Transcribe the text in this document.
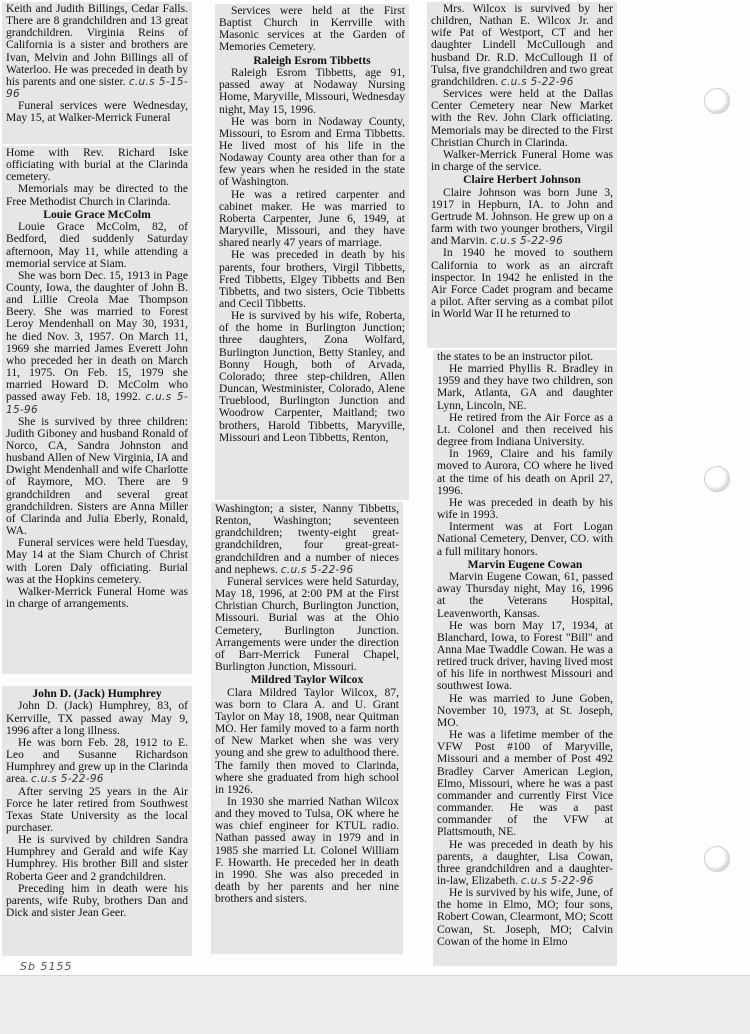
Keith and Judith Billings, Cedar Falls. There are 8 grandchildren and 13 great grandchildren. Virginia Reins of California is a sister and brothers are Ivan, Melvin and John Billings all of Waterloo. He was preceded in death by his parents and one sister. c.u.s 5-15-96

Funeral services were Wednesday, May 15, at Walker-Merrick Funeral

Home with Rev. Richard Iske officiating with burial at the Clarinda cemetery.

Memorials may be directed to the Free Methodist Church in Clarinda.

Louie Grace McColm

Louie Grace McColm, 82, of Bedford, died suddenly Saturday afternoon, May 11, while attending a memorial service at Siam.

She was born Dec. 15, 1913 in Page County, Iowa, the daughter of John B. and Lillie Creola Mae Thompson Beery. She was married to Forest Leroy Mendenhall on May 30, 1931, he died Nov. 3, 1957. On March 11, 1969 she married James Everett John who preceded her in death on March 11, 1975. On Feb. 15, 1979 she married Howard D. McColm who passed away Feb. 18, 1992. c.u.s 5-15-96

She is survived by three children: Judith Giboney and husband Ronald of Norco, CA, Sandra Johnston and husband Allen of New Virginia, IA and Dwight Mendenhall and wife Charlotte of Raymore, MO. There are 9 grandchildren and several great grandchildren. Sisters are Anna Miller of Clarinda and Julia Eberly, Ronald, WA.

Funeral services were held Tuesday, May 14 at the Siam Church of Christ with Loren Daly officiating. Burial was at the Hopkins cemetery.

Walker-Merrick Funeral Home was in charge of arrangements.

John D. (Jack) Humphrey

John D. (Jack) Humphrey, 83, of Kerrville, TX passed away May 9, 1996 after a long illness.

He was born Feb. 28, 1912 to E. Leo and Susanne Richardson Humphrey and grew up in the Clarinda area. c.u.s 5-22-96

After serving 25 years in the Air Force he later retired from Southwest Texas State University as the local purchaser.

He is survived by children Sandra Humphrey and Gerald and wife Kay Humphrey. His brother Bill and sister Roberta Geer and 2 grandchildren.

Preceding him in death were his parents, wife Ruby, brothers Dan and Dick and sister Jean Geer.

Services were held at the First Baptist Church in Kerrville with Masonic services at the Garden of Memories Cemetery.

Raleigh Esrom Tibbetts

Raleigh Esrom Tibbetts, age 91, passed away at Nodaway Nursing Home, Maryville, Missouri, Wednesday night, May 15, 1996.

He was born in Nodaway County, Missouri, to Esrom and Erma Tibbetts. He lived most of his life in the Nodaway County area other than for a few years when he resided in the state of Washington.

He was a retired carpenter and cabinet maker. He was married to Roberta Carpenter, June 6, 1949, at Maryville, Missouri, and they have shared nearly 47 years of marriage.

He was preceded in death by his parents, four brothers, Virgil Tibbetts, Fred Tibbetts, Elgey Tibbetts and Ben Tibbetts, and two sisters, Ocie Tibbetts and Cecil Tibbetts.

He is survived by his wife, Roberta, of the home in Burlington Junction; three daughters, Zona Wolfard, Burlington Junction, Betty Stanley, and Bonny Hough, both of Arvada, Colorado; three step-children, Allen Duncan, Westminister, Colorado, Alene Trueblood, Burlington Junction and Woodrow Carpenter, Maitland; two brothers, Harold Tibbetts, Maryville, Missouri and Leon Tibbetts, Renton,

Washington; a sister, Nanny Tibbetts, Renton, Washington; seventeen grandchildren; twenty-eight great-grandchildren, four great-great-grandchildren and a number of nieces and nephews. c.u.s 5-22-96

Funeral services were held Saturday, May 18, 1996, at 2:00 PM at the First Christian Church, Burlington Junction, Missouri. Burial was at the Ohio Cemetery, Burlington Junction. Arrangements were under the direction of Barr-Merrick Funeral Chapel, Burlington Junction, Missouri.

Mildred Taylor Wilcox

Clara Mildred Taylor Wilcox, 87, was born to Clara A. and U. Grant Taylor on May 18, 1908, near Quitman MO. Her family moved to a farm north of New Market when she was very young and she grew to adulthood there. The family then moved to Clarinda, where she graduated from high school in 1926.

In 1930 she married Nathan Wilcox and they moved to Tulsa, OK where he was chief engineer for KTUL radio. Nathan passed away in 1979 and in 1985 she married Lt. Colonel William F. Howarth. He preceded her in death in 1990. She was also preceded in death by her parents and her nine brothers and sisters.

Mrs. Wilcox is survived by her children, Nathan E. Wilcox Jr. and wife Pat of Westport, CT and her daughter Lindell McCullough and husband Dr. R.D. McCullough II of Tulsa, five grandchildren and two great grandchildren. c.u.s 5-22-96

Services were held at the Dallas Center Cemetery near New Market with the Rev. John Clark officiating. Memorials may be directed to the First Christian Church in Clarinda.

Walker-Merrick Funeral Home was in charge of the service.

Claire Herbert Johnson

Claire Johnson was born June 3, 1917 in Hepburn, IA. to John and Gertrude M. Johnson. He grew up on a farm with two younger brothers, Virgil and Marvin. c.u.s 5-22-96

In 1940 he moved to southern California to work as an aircraft inspector. In 1942 he enlisted in the Air Force Cadet program and became a pilot. After serving as a combat pilot in World War II he returned to

the states to be an instructor pilot.

He married Phyllis R. Bradley in 1959 and they have two children, son Mark, Atlanta, GA and daughter Lynn, Lincoln, NE.

He retired from the Air Force as a Lt. Colonel and then received his degree from Indiana University.

In 1969, Claire and his family moved to Aurora, CO where he lived at the time of his death on April 27, 1996.

He was preceded in death by his wife in 1993.

Interment was at Fort Logan National Cemetery, Denver, CO. with a full military honors.

Marvin Eugene Cowan

Marvin Eugene Cowan, 61, passed away Thursday night, May 16, 1996 at the Veterans Hospital, Leavenworth, Kansas.

He was born May 17, 1934, at Blanchard, Iowa, to Forest "Bill" and Anna Mae Twaddle Cowan. He was a retired truck driver, having lived most of his life in northwest Missouri and southwest Iowa.

He was married to June Goben, November 10, 1973, at St. Joseph, MO.

He was a lifetime member of the VFW Post #100 of Maryville, Missouri and a member of Post 492 Bradley Carver American Legion, Elmo, Missouri, where he was a past commander and currently First Vice commander. He was a past commander of the VFW at Plattsmouth, NE.

He was preceded in death by his parents, a daughter, Lisa Cowan, three grandchildren and a daughter-in-law, Elizabeth. c.u.s 5-22-96

He is survived by his wife, June, of the home in Elmo, MO; four sons, Robert Cowan, Clearmont, MO; Scott Cowan, St. Joseph, MO; Calvin Cowan of the home in Elmo

Sb 5155
